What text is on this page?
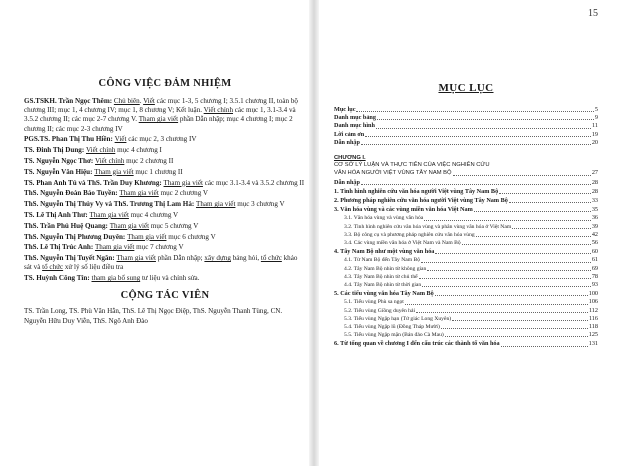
15
CÔNG VIỆC ĐẢM NHIỆM
GS.TSKH. Trần Ngọc Thêm: Chủ biên. Viết các mục 1-3, 5 chương I; 3.5.1 chương II, toàn bộ chương III; mục 1, 4 chương IV; mục 1, 8 chương V; Kết luận. Viết chỉnh các mục 1, 3.1-3.4 và 3.5.2 chương II; các mục 2-7 chương V. Tham gia viết phần Dẫn nhập; mục 4 chương I; mục 2 chương II; các mục 2-3 chương IV
PGS.TS. Phan Thị Thu Hiền: Viết các mục 2, 3 chương IV
TS. Đinh Thị Dung: Viết chính mục 4 chương I
TS. Nguyễn Ngọc Thơ: Viết chính mục 2 chương II
TS. Nguyễn Văn Hiệu: Tham gia viết mục 1 chương II
TS. Phan Anh Tú và ThS. Trần Duy Khương: Tham gia viết các mục 3.1-3.4 và 3.5.2 chương II
ThS. Nguyễn Đoàn Bảo Tuyền: Tham gia viết mục 2 chương V
ThS. Nguyễn Thị Thúy Vy và ThS. Trương Thị Lam Hà: Tham gia viết mục 3 chương V
TS. Lê Thị Anh Thư: Tham gia viết mục 4 chương V
ThS. Trần Phú Huệ Quang: Tham gia viết mục 5 chương V
ThS. Nguyễn Thị Phương Duyên: Tham gia viết mục 6 chương V
ThS. Lê Thị Trúc Anh: Tham gia viết mục 7 chương V
ThS. Nguyễn Thị Tuyết Ngân: Tham gia viết phần Dẫn nhập; xây dựng bảng hỏi, tổ chức khảo sát và tổ chức xử lý số liệu điều tra
TS. Huỳnh Công Tín: tham gia bổ sung tư liệu và chỉnh sửa.
CỘNG TÁC VIÊN
TS. Trần Long, TS. Phù Văn Hẳn, ThS. Lê Thị Ngọc Điệp, ThS. Nguyễn Thanh Tùng, CN. Nguyễn Hữu Duy Viễn, ThS. Ngô Anh Đào
MỤC LỤC
Mục lục	5
Danh mục bảng	9
Danh mục hình	11
Lời cảm ơn	19
Dẫn nhập	20
CHƯƠNG I.
CƠ SỞ LÝ LUẬN VÀ THỰC TIỄN CỦA VIỆC NGHIÊN CỨU
VĂN HÓA NGƯỜI VIỆT VÙNG TÂY NAM BỘ	27
Dẫn nhập	28
1. Tình hình nghiên cứu văn hóa người Việt vùng Tây Nam Bộ	28
2. Phương pháp nghiên cứu văn hóa người Việt vùng Tây Nam Bộ	33
3. Văn hóa vùng và các vùng miền văn hóa Việt Nam	35
3.1. Văn hóa vùng và vùng văn hóa	36
3.2. Tình hình nghiên cứu văn hóa vùng và phân vùng văn hóa ở Việt Nam	39
3.3. Bộ công cụ và phương pháp nghiên cứu văn hóa vùng	42
3.4. Các vùng miền văn hóa ở Việt Nam và Nam Bộ	56
4. Tây Nam Bộ như một vùng văn hóa	60
4.1. Từ Nam Bộ đến Tây Nam Bộ	61
4.2. Tây Nam Bộ nhìn từ không gian	69
4.3. Tây Nam Bộ nhìn từ chủ thể	78
4.4. Tây Nam Bộ nhìn từ thời gian	93
5. Các tiểu vùng văn hóa Tây Nam Bộ	100
5.1. Tiểu vùng Phù sa ngọt	106
5.2. Tiểu vùng Giồng duyên hải	112
5.3. Tiểu vùng Ngập hạn (Tứ giác Long Xuyên)	116
5.4. Tiểu vùng Ngập lũ (Đồng Tháp Mười)	118
5.5. Tiểu vùng Ngập mặn (Bán đảo Cà Mau)	125
6. Từ tổng quan về chương I đến cấu trúc các thành tố văn hóa	131
